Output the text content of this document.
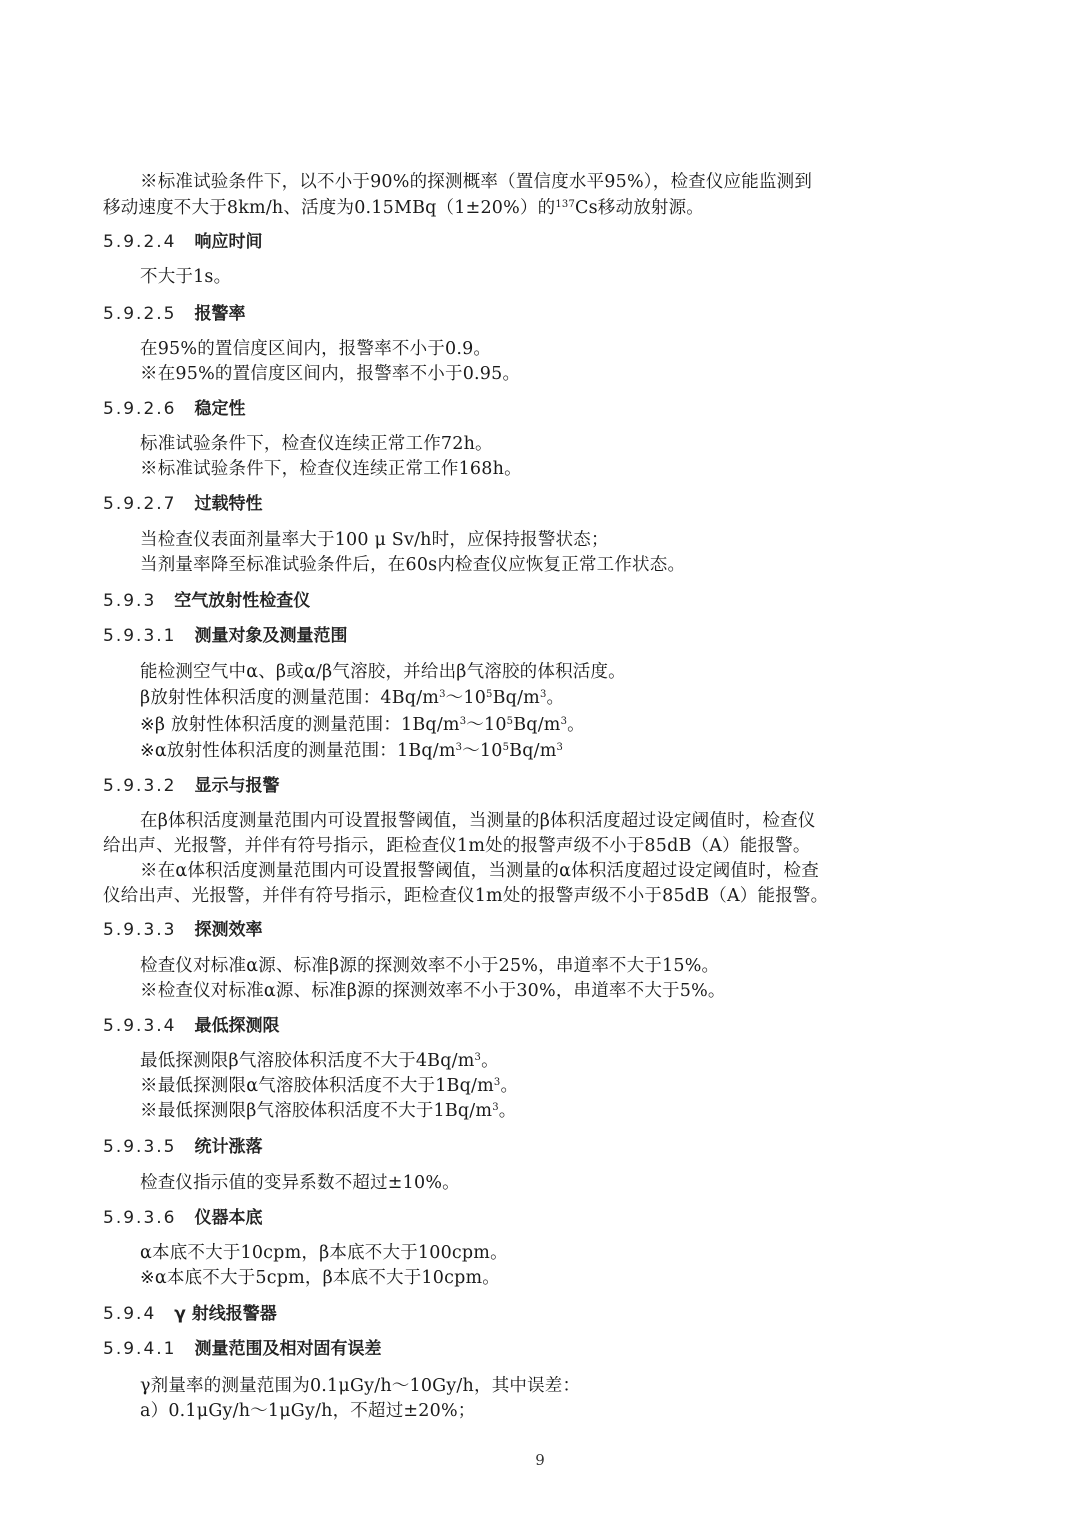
※标准试验条件下，以不小于90%的探测概率（置信度水平95%），检查仪应能监测到
移动速度不大于8km/h、活度为0.15MBq（1±20%）的$^{137}$Cs移动放射源。
5.9.2.4 响应时间
不大于1s。
5.9.2.5 报警率
在95%的置信度区间内，报警率不小于0.9。
※在95%的置信度区间内，报警率不小于0.95。
5.9.2.6 稳定性
标准试验条件下，检查仪连续正常工作72h。
※标准试验条件下，检查仪连续正常工作168h。
5.9.2.7 过载特性
当检查仪表面剂量率大于100 μ Sv/h时，应保持报警状态；
当剂量率降至标准试验条件后，在60s内检查仪应恢复正常工作状态。
5.9.3 空气放射性检查仪
5.9.3.1 测量对象及测量范围
能检测空气中α、β或α/β气溶胶，并给出β气溶胶的体积活度。
β放射性体积活度的测量范围：$4Bq/m^3\sim 10^5Bq/m^3$。
※β 放射性体积活度的测量范围：$1Bq/m^3\sim 10^5Bq/m^3$。
※α放射性体积活度的测量范围：$1Bq/m^3\sim 10^5Bq/m^3$
5.9.3.2 显示与报警
在β体积活度测量范围内可设置报警阈值，当测量的β体积活度超过设定阈值时，检查仪
给出声、光报警，并伴有符号指示，距检查仪1m处的报警声级不小于85dB（A）能报警。
※在α体积活度测量范围内可设置报警阈值，当测量的α体积活度超过设定阈值时，检查
仪给出声、光报警，并伴有符号指示，距检查仪1m处的报警声级不小于85dB（A）能报警。
5.9.3.3 探测效率
检查仪对标准α源、标准β源的探测效率不小于25%，串道率不大于15%。
※检查仪对标准α源、标准β源的探测效率不小于30%，串道率不大于5%。
5.9.3.4 最低探测限
最低探测限β气溶胶体积活度不大于$4Bq/m^3$。
※最低探测限α气溶胶体积活度不大于$1Bq/m^3$。
※最低探测限β气溶胶体积活度不大于$1Bq/m^3$。
5.9.3.5 统计涨落
检查仪指示值的变异系数不超过±10%。
5.9.3.6 仪器本底
α本底不大于10cpm，β本底不大于100cpm。
※α本底不大于5cpm，β本底不大于10cpm。
5.9.4 γ 射线报警器
5.9.4.1 测量范围及相对固有误差
γ剂量率的测量范围为0.1μGy/h～10Gy/h，其中误差：
a）0.1μGy/h～1μGy/h，不超过±20%；
9
